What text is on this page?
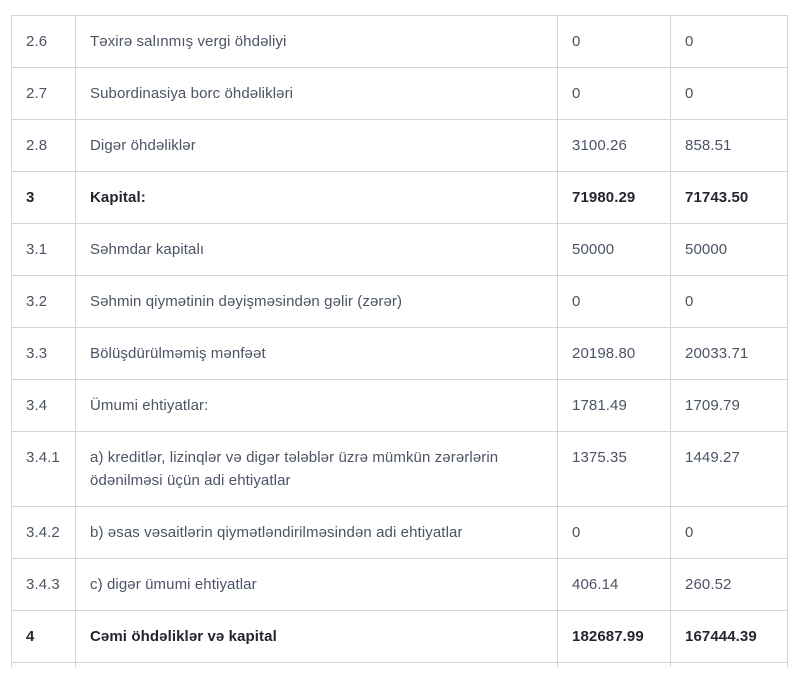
2.6	Təxirə salınmış vergi öhdəliyi	0	0
2.7	Subordinasiya borc öhdəlikləri	0	0
2.8	Digər öhdəliklər	3100.26	858.51
3	Kapital:	71980.29	71743.50
3.1	Səhmdar kapitalı	50000	50000
3.2	Səhmin qiymətinin dəyişməsindən gəlir (zərər)	0	0
3.3	Bölüşdürülməmiş mənfəət	20198.80	20033.71
3.4	Ümumi ehtiyatlar:	1781.49	1709.79
3.4.1	a) kreditlər, lizinqlər və digər tələblər üzrə mümkün zərərlərin ödənilməsi üçün adi ehtiyatlar	1375.35	1449.27
3.4.2	b) əsas vəsaitlərin qiymətləndirilməsindən adi ehtiyatlar	0	0
3.4.3	c) digər ümumi ehtiyatlar	406.14	260.52
4	Cəmi öhdəliklər və kapital	182687.99	167444.39
